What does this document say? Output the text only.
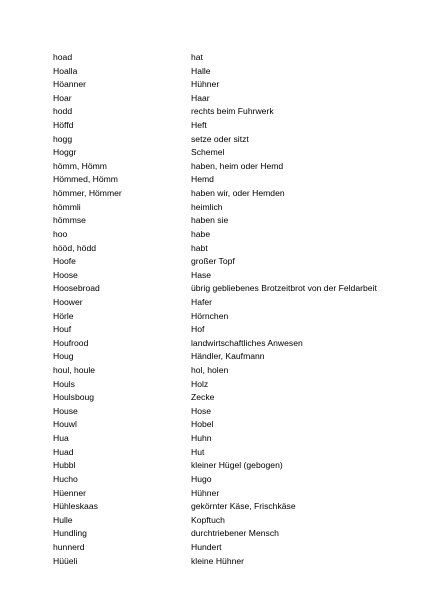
hoad	hat
Hoalla	Halle
Höanner	Hühner
Hoar	Haar
hodd	rechts beim Fuhrwerk
Höffd	Heft
hogg	setze oder sitzt
Hoggr	Schemel
hömm, Hömm	haben, heim oder Hemd
Hömmed, Hömm	Hemd
hömmer, Hömmer	haben wir, oder Hemden
hömmli	heimlich
hömmse	haben sie
hoo	habe
hööd, hödd	habt
Hoofe	großer Topf
Hoose	Hase
Hoosebroad	übrig gebliebenes Brotzeitbrot von der Feldarbeit
Hoower	Hafer
Hörle	Hörnchen
Houf	Hof
Houfrood	landwirtschaftliches Anwesen
Houg	Händler, Kaufmann
houl, houle	hol, holen
Houls	Holz
Houlsboug	Zecke
House	Hose
Houwl	Hobel
Hua	Huhn
Huad	Hut
Hubbl	kleiner Hügel (gebogen)
Hucho	Hugo
Hüenner	Hühner
Hühleskaas	gekörnter Käse, Frischkäse
Hulle	Kopftuch
Hundling	durchtriebener Mensch
hunnerd	Hundert
Hüüeli	kleine Hühner
